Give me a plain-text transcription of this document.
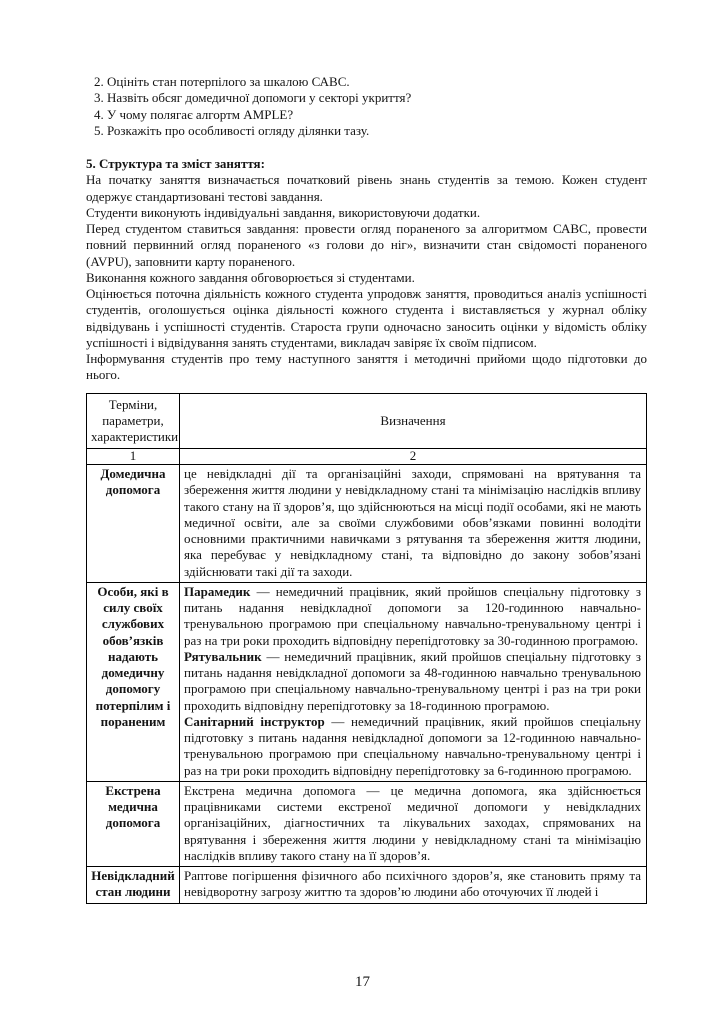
2. Оцініть стан потерпілого за шкалою САВС.

3. Назвіть обсяг домедичної допомоги у секторі укриття?

4. У чому полягає алгортм AMPLE?

5. Розкажіть про особливості огляду ділянки тазу.

5. Структура та зміст заняття:

На початку заняття визначається початковий рівень знань студентів за темою. Кожен студент одержує стандартизовані тестові завдання.

Студенти виконують індивідуальні завдання, використовуючи додатки.

Перед студентом ставиться завдання: провести огляд пораненого за алгоритмом САВС, провести повний первинний огляд пораненого «з голови до ніг», визначити стан свідомості пораненого (AVPU), заповнити карту пораненого.

Виконання кожного завдання обговорюється зі студентами.

Оцінюється поточна діяльність кожного студента упродовж заняття, проводиться аналіз успішності студентів, оголошується оцінка діяльності кожного студента і виставляється у журнал обліку відвідувань і успішності студентів. Староста групи одночасно заносить оцінки у відомість обліку успішності і відвідування занять студентами, викладач завіряє їх своїм підписом.

Інформування студентів про тему наступного заняття і методичні прийоми щодо підготовки до нього.

Терміни, параметри, характеристики	Визначення
1	2
Домедична допомога	це невідкладні дії та організаційні заходи, спрямовані на врятування та збереження життя людини у невідкладному стані та мінімізацію наслідків впливу такого стану на її здоров’я, що здійснюються на місці події особами, які не мають медичної освіти, але за своїми службовими обов’язками повинні володіти основними практичними навичками з рятування та збереження життя людини, яка перебуває у невідкладному стані, та відповідно до закону зобов’язані здійснювати такі дії та заходи.

Особи, які в силу своїх службових обов’язків надають домедичну допомогу потерпілим і пораненим	Парамедик — немедичний працівник, який пройшов спеціальну підготовку з питань надання невідкладної допомоги за 120-годинною навчально-тренувальною програмою при спеціальному навчально-тренувальному центрі і раз на три роки проходить відповідну перепідготовку за 30-годинною програмою.

Рятувальник — немедичний працівник, який пройшов спеціальну підготовку з питань надання невідкладної допомоги за 48-годинною навчально тренувальною програмою при спеціальному навчально-тренувальному центрі і раз на три роки проходить відповідну перепідготовку за 18-годинною програмою.

Санітарний інструктор — немедичний працівник, який пройшов спеціальну підготовку з питань надання невідкладної допомоги за 12-годинною навчально-тренувальною програмою при спеціальному навчально-тренувальному центрі і раз на три роки проходить відповідну перепідготовку за 6-годинною програмою.

Екстрена медична допомога	Екстрена медична допомога — це медична допомога, яка здійснюється працівниками системи екстреної медичної допомоги у невідкладних організаційних, діагностичних та лікувальних заходах, спрямованих на врятування і збереження життя людини у невідкладному стані та мінімізацію наслідків впливу такого стану на її здоров’я.

Невідкладний стан людини	Раптове погіршення фізичного або психічного здоров’я, яке становить пряму та невідворотну загрозу життю та здоров’ю людини або оточуючих її людей і

17
